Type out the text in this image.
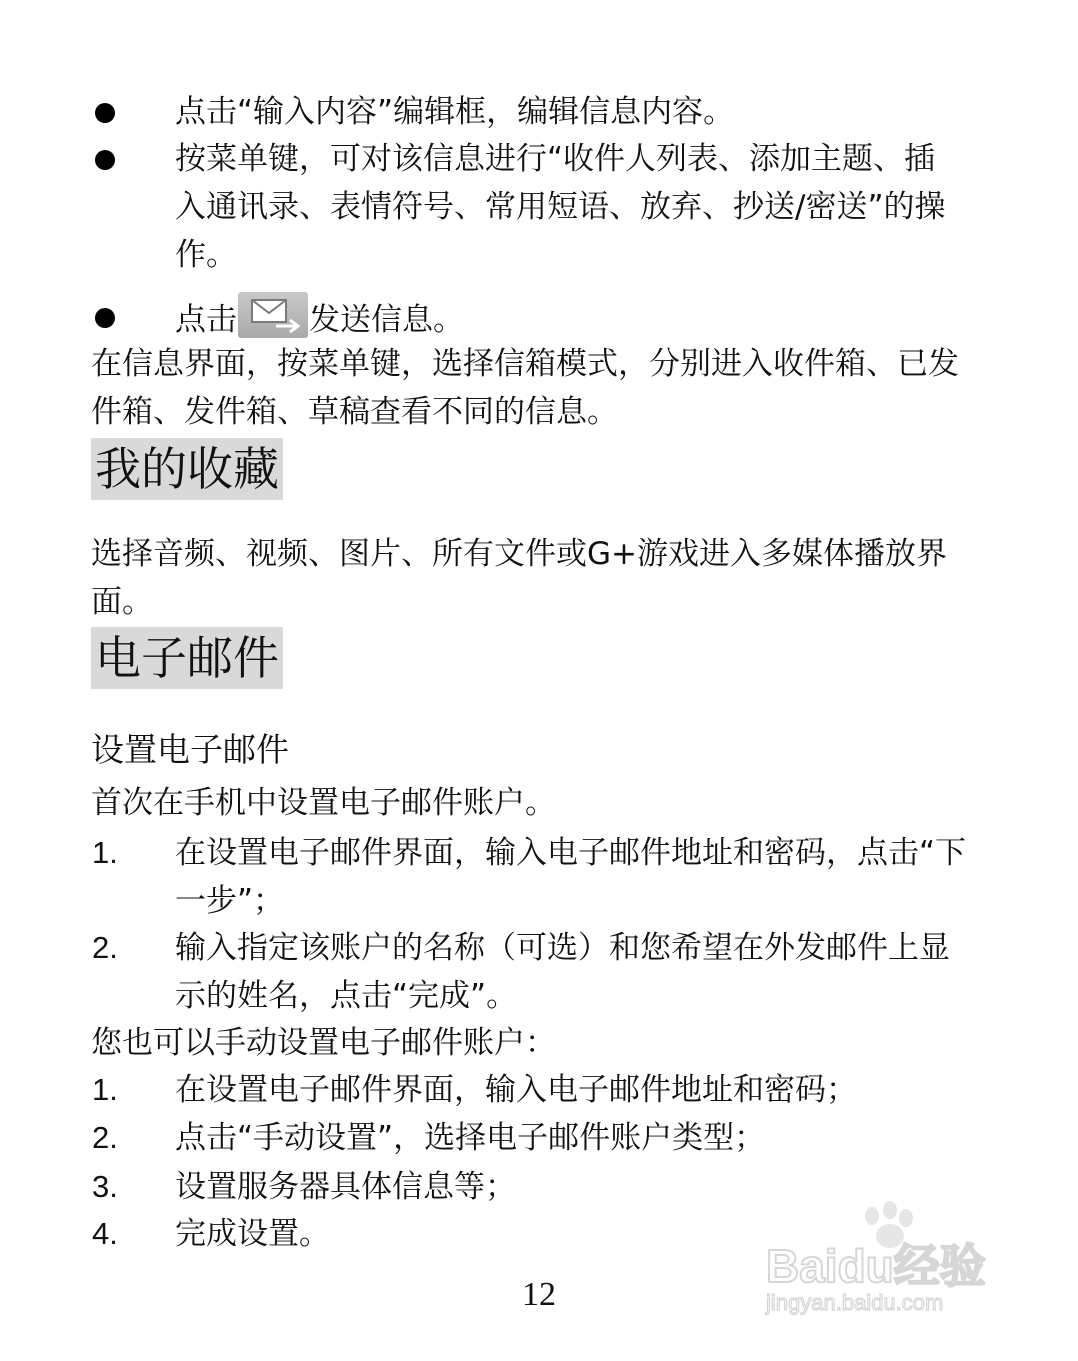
点击“输入内容”编辑框，编辑信息内容。
按菜单键，可对该信息进行“收件人列表、添加主题、插
入通讯录、表情符号、常用短语、放弃、抄送/密送”的操
作。
点击 发送信息。
在信息界面，按菜单键，选择信箱模式，分别进入收件箱、已发
件箱、发件箱、草稿查看不同的信息。
我的收藏
选择音频、视频、图片、所有文件或G+游戏进入多媒体播放界
面。
电子邮件
设置电子邮件
首次在手机中设置电子邮件账户。
1. 在设置电子邮件界面，输入电子邮件地址和密码，点击“下
一步”；
2. 输入指定该账户的名称（可选）和您希望在外发邮件上显
示的姓名，点击“完成”。
您也可以手动设置电子邮件账户：
1. 在设置电子邮件界面，输入电子邮件地址和密码；
2. 点击“手动设置”，选择电子邮件账户类型；
3. 设置服务器具体信息等；
4. 完成设置。
12
Baidu经验
jingyan.baidu.com
